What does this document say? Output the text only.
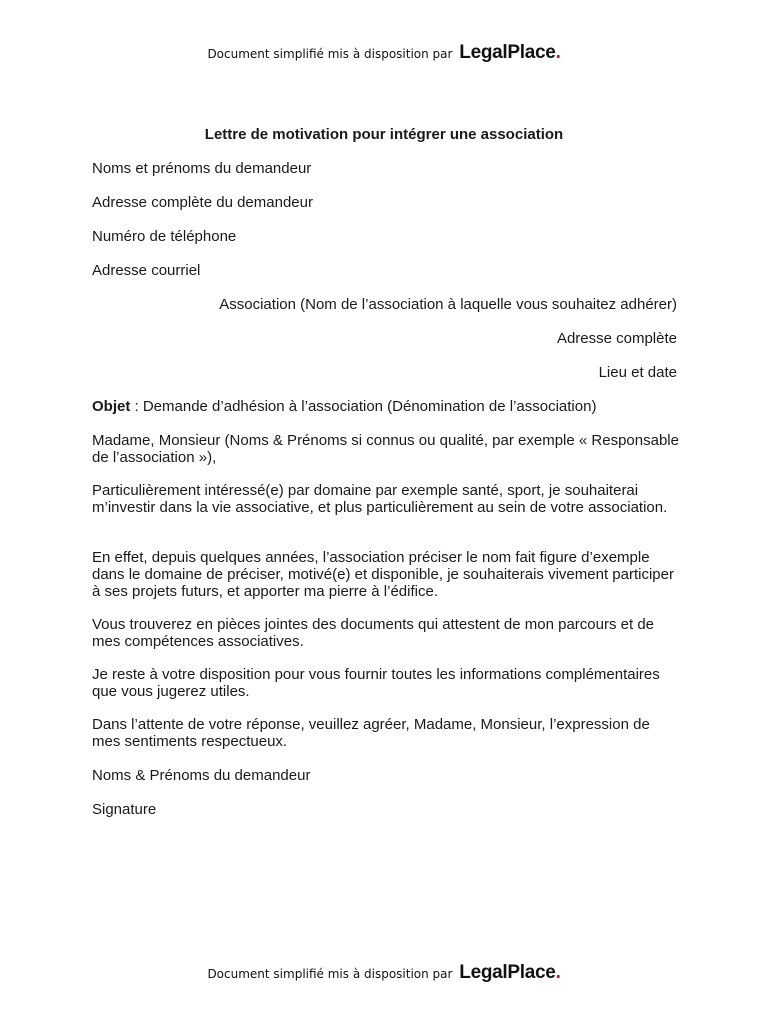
Document simplifié mis à disposition par LegalPlace.
Lettre de motivation pour intégrer une association
Noms et prénoms du demandeur
Adresse complète du demandeur
Numéro de téléphone
Adresse courriel
Association (Nom de l’association à laquelle vous souhaitez adhérer)
Adresse complète
Lieu et date
Objet : Demande d’adhésion à l’association (Dénomination de l’association)
Madame, Monsieur (Noms & Prénoms si connus ou qualité, par exemple « Responsable de l’association »),
Particulièrement intéressé(e) par domaine par exemple santé, sport, je souhaiterai m’investir dans la vie associative, et plus particulièrement au sein de votre association.
En effet, depuis quelques années, l’association préciser le nom fait figure d’exemple dans le domaine de préciser, motivé(e) et disponible, je souhaiterais vivement participer à ses projets futurs, et apporter ma pierre à l’édifice.
Vous trouverez en pièces jointes des documents qui attestent de mon parcours et de mes compétences associatives.
Je reste à votre disposition pour vous fournir toutes les informations complémentaires que vous jugerez utiles.
Dans l’attente de votre réponse, veuillez agréer, Madame, Monsieur, l’expression de mes sentiments respectueux.
Noms & Prénoms du demandeur
Signature
Document simplifié mis à disposition par LegalPlace.
